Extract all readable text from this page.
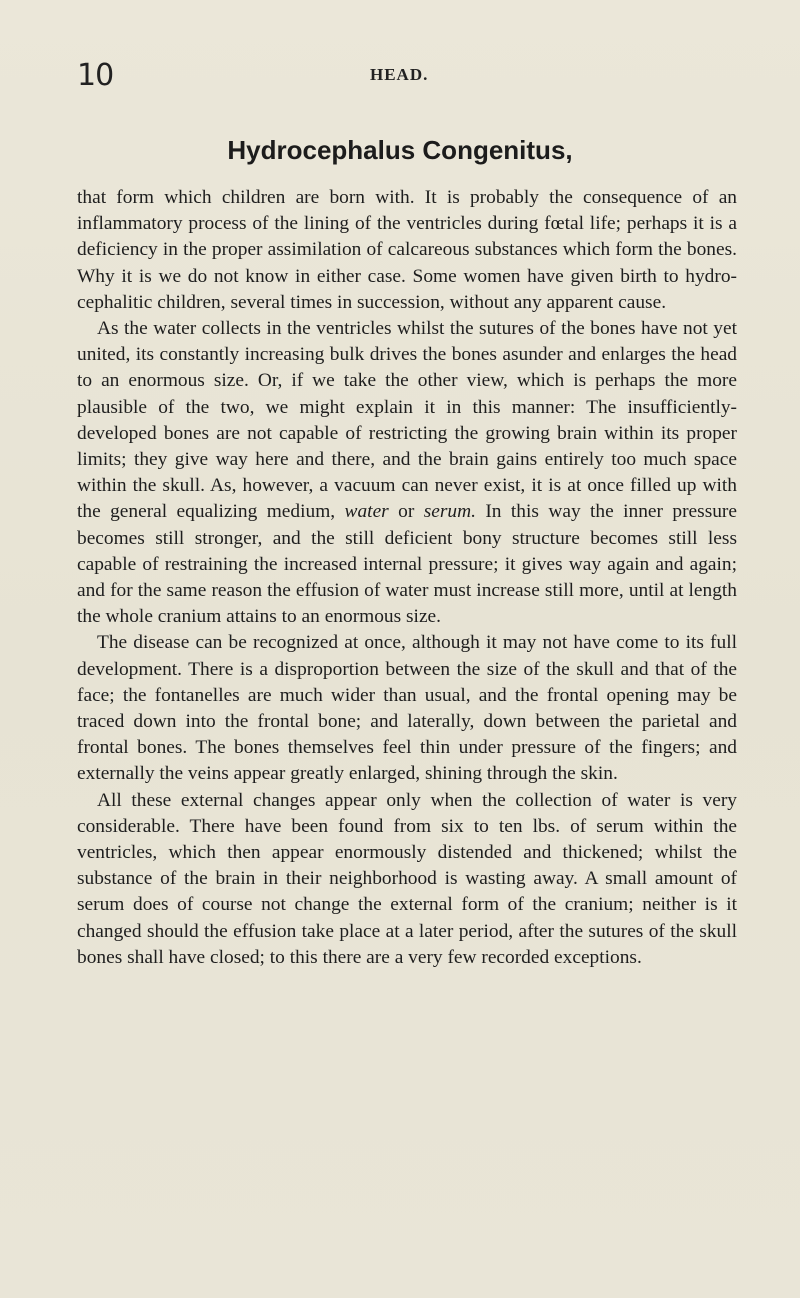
10	HEAD.
Hydrocephalus Congenitus,

that form which children are born with. It is probably the consequence of an inflammatory process of the lining of the ventricles during fœtal life; perhaps it is a deficiency in the proper assimilation of calcareous substances which form the bones. Why it is we do not know in either case. Some women have given birth to hydrocephalitic children, several times in succession, without any apparent cause.

As the water collects in the ventricles whilst the sutures of the bones have not yet united, its constantly increasing bulk drives the bones asunder and enlarges the head to an enormous size. Or, if we take the other view, which is perhaps the more plausible of the two, we might explain it in this manner: The insufficiently-developed bones are not capable of restricting the growing brain within its proper limits; they give way here and there, and the brain gains entirely too much space within the skull. As, however, a vacuum can never exist, it is at once filled up with the general equalizing medium, water or serum. In this way the inner pressure becomes still stronger, and the still deficient bony structure becomes still less capable of restraining the increased internal pressure; it gives way again and again; and for the same reason the effusion of water must increase still more, until at length the whole cranium attains to an enormous size.

The disease can be recognized at once, although it may not have come to its full development. There is a disproportion between the size of the skull and that of the face; the fontanelles are much wider than usual, and the frontal opening may be traced down into the frontal bone; and laterally, down between the parietal and frontal bones. The bones themselves feel thin under pressure of the fingers; and externally the veins appear greatly enlarged, shining through the skin.

All these external changes appear only when the collection of water is very considerable. There have been found from six to ten lbs. of serum within the ventricles, which then appear enormously distended and thickened; whilst the substance of the brain in their neighborhood is wasting away. A small amount of serum does of course not change the external form of the cranium; neither is it changed should the effusion take place at a later period, after the sutures of the skull bones shall have closed; to this there are a very few recorded exceptions.
